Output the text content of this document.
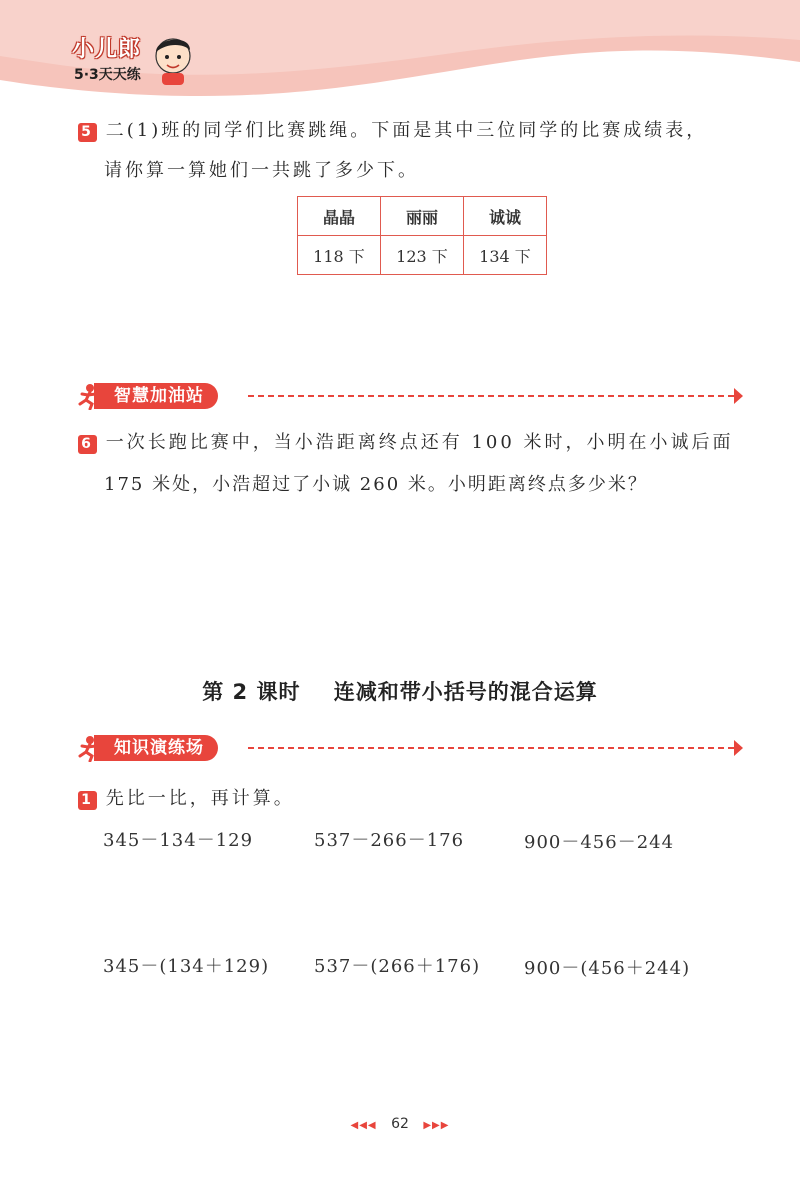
小儿郎
5·3天天练
5 二(1)班的同学们比赛跳绳。下面是其中三位同学的比赛成绩表，
请你算一算她们一共跳了多少下。
晶晶	丽丽	诚诚
118 下	123 下	134 下
智慧加油站
6 一次长跑比赛中，当小浩距离终点还有 100 米时，小明在小诚后面
175 米处，小浩超过了小诚 260 米。小明距离终点多少米？
第 2 课时    连减和带小括号的混合运算
知识演练场
1 先比一比，再计算。
345－134－129	537－266－176	900－456－244
345－(134＋129) 537－(266＋176) 900－(456＋244)
◀◀◀ 62 ▶▶▶
